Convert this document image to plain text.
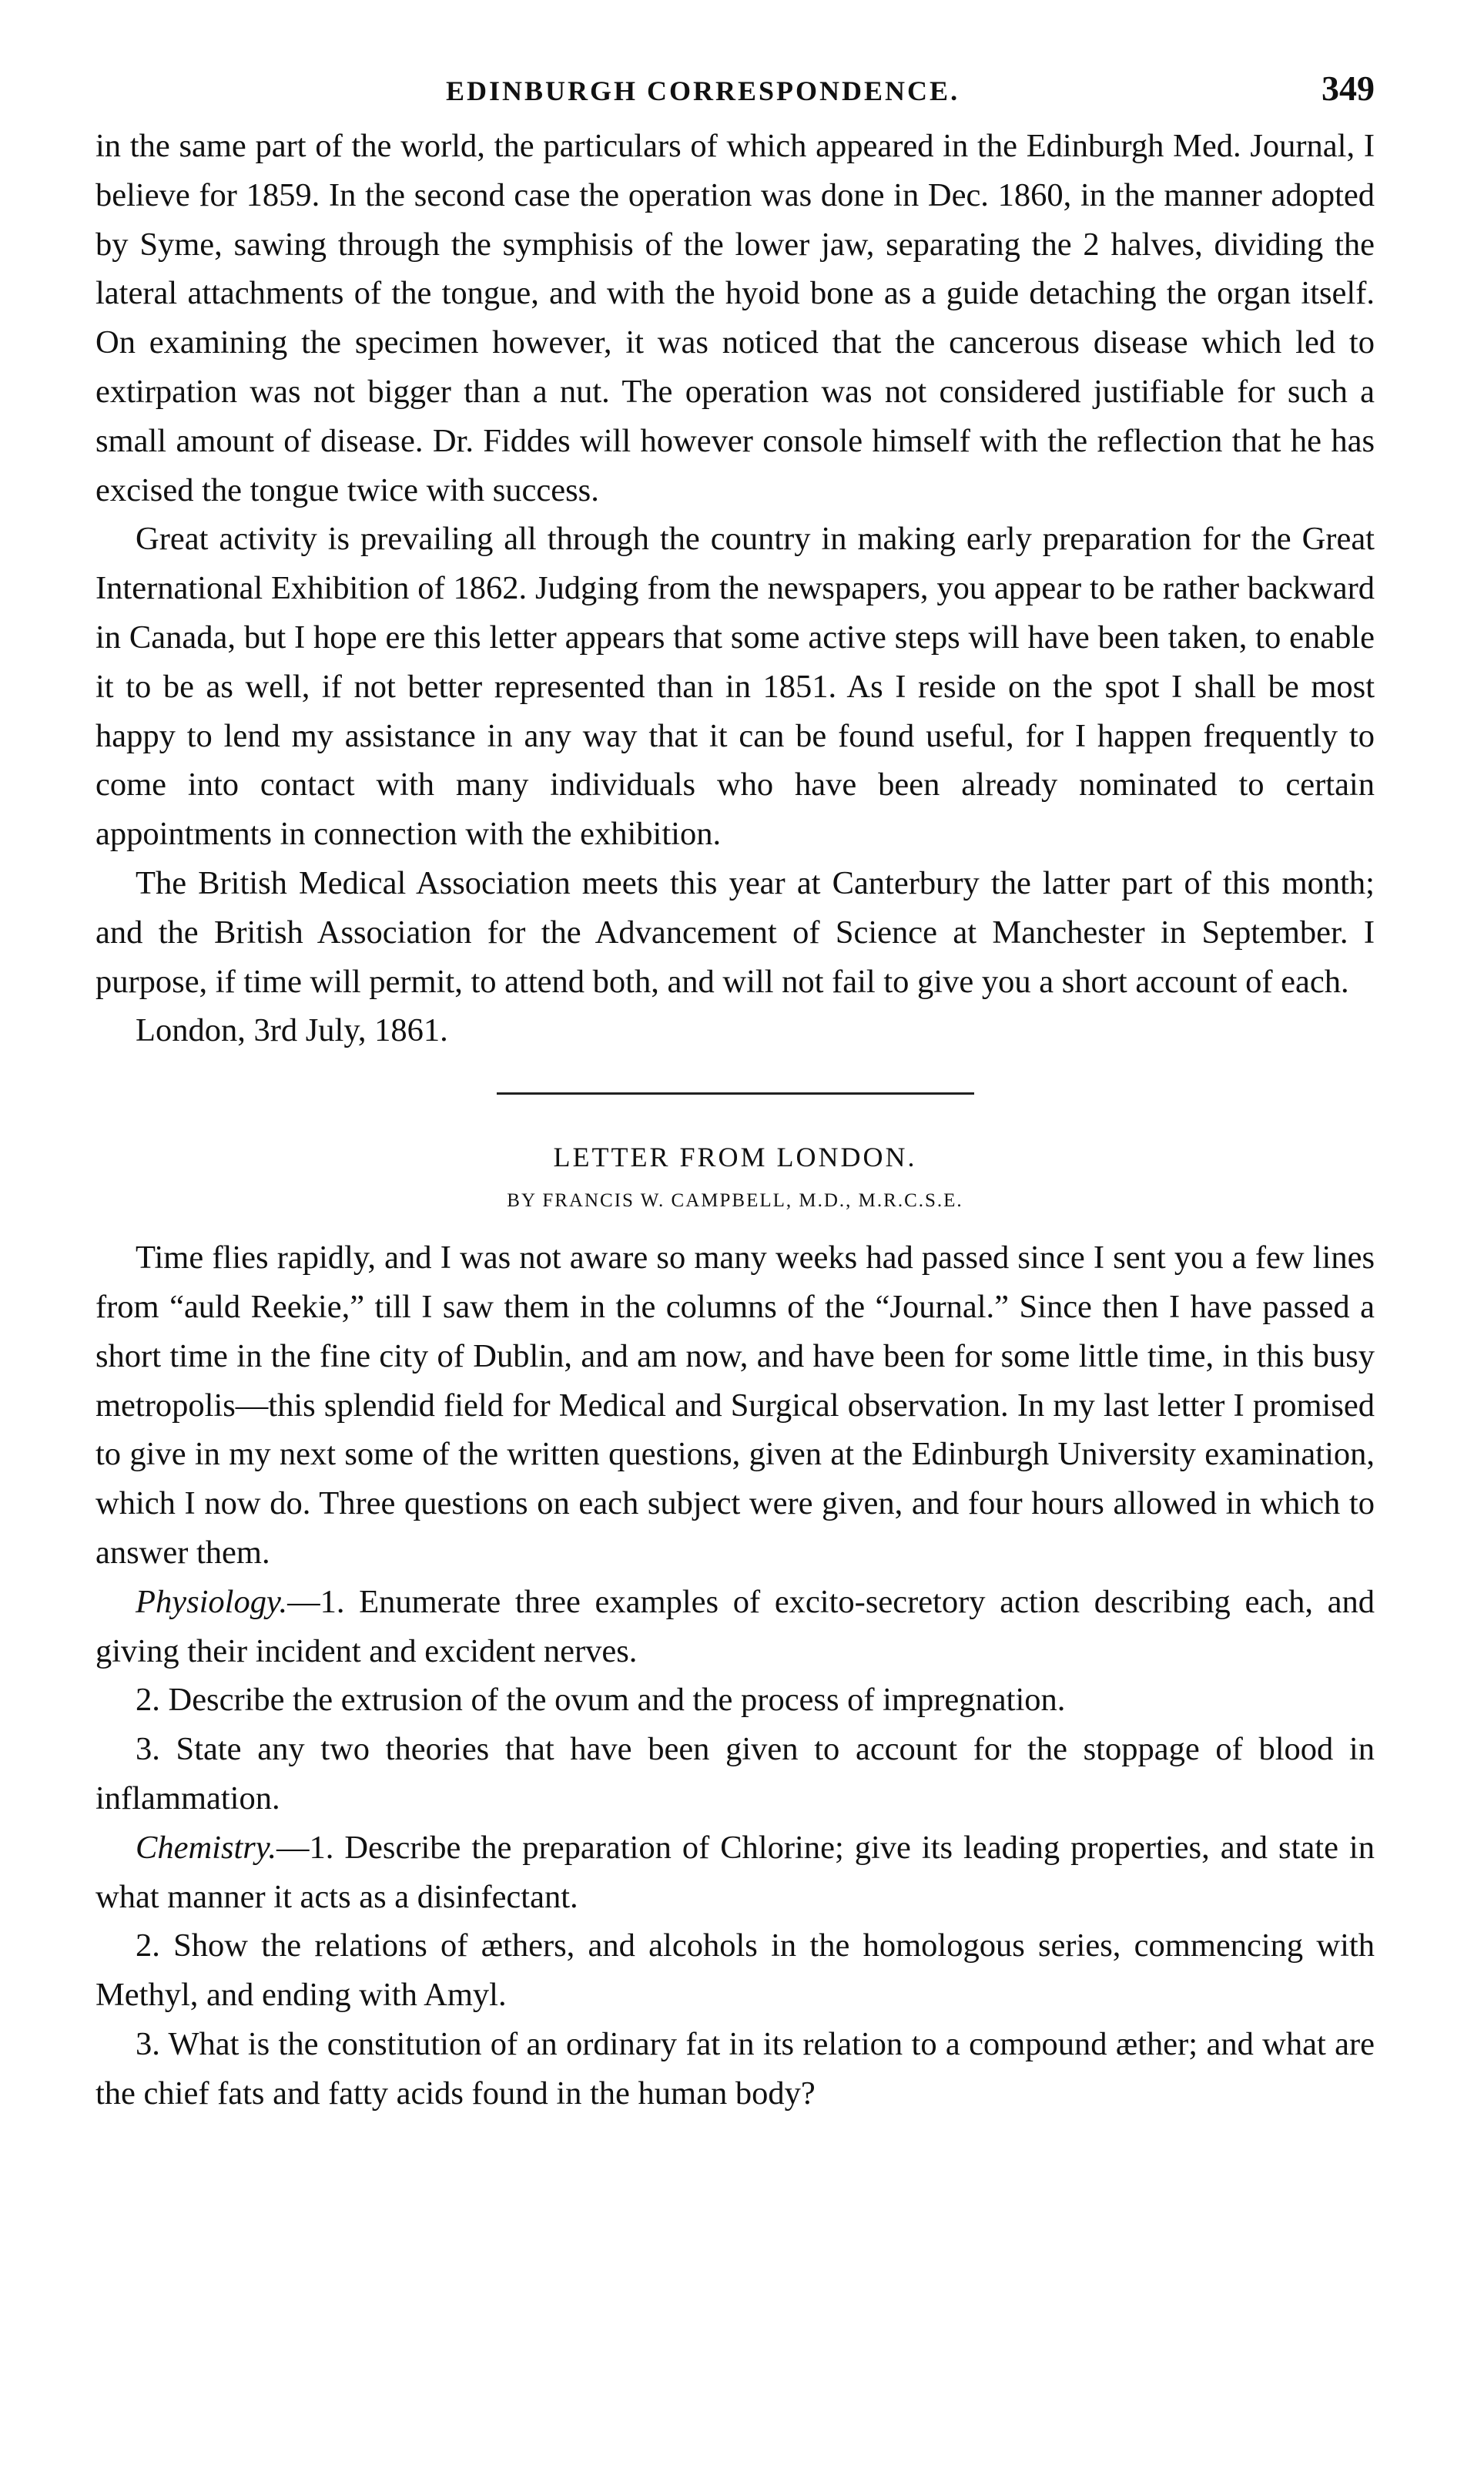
EDINBURGH CORRESPONDENCE.	349

in the same part of the world, the particulars of which appeared in the Edinburgh Med. Journal, I believe for 1859. In the second case the operation was done in Dec. 1860, in the manner adopted by Syme, sawing through the symphisis of the lower jaw, separating the 2 halves, dividing the lateral attachments of the tongue, and with the hyoid bone as a guide detaching the organ itself. On examining the specimen however, it was noticed that the cancerous disease which led to extirpation was not bigger than a nut. The operation was not considered justifiable for such a small amount of disease. Dr. Fiddes will however console himself with the reflection that he has excised the tongue twice with success.

Great activity is prevailing all through the country in making early preparation for the Great International Exhibition of 1862. Judging from the newspapers, you appear to be rather backward in Canada, but I hope ere this letter appears that some active steps will have been taken, to enable it to be as well, if not better represented than in 1851. As I reside on the spot I shall be most happy to lend my assistance in any way that it can be found useful, for I happen frequently to come into contact with many individuals who have been already nominated to certain appointments in connection with the exhibition.

The British Medical Association meets this year at Canterbury the latter part of this month; and the British Association for the Advancement of Science at Manchester in September. I purpose, if time will permit, to attend both, and will not fail to give you a short account of each.

London, 3rd July, 1861.

LETTER FROM LONDON.
BY FRANCIS W. CAMPBELL, M.D., M.R.C.S.E.

Time flies rapidly, and I was not aware so many weeks had passed since I sent you a few lines from “auld Reekie,” till I saw them in the columns of the “Journal.” Since then I have passed a short time in the fine city of Dublin, and am now, and have been for some little time, in this busy metropolis—this splendid field for Medical and Surgical observation. In my last letter I promised to give in my next some of the written questions, given at the Edinburgh University examination, which I now do. Three questions on each subject were given, and four hours allowed in which to answer them.

Physiology.—1. Enumerate three examples of excito-secretory action describing each, and giving their incident and excident nerves.

2. Describe the extrusion of the ovum and the process of impregnation.

3. State any two theories that have been given to account for the stoppage of blood in inflammation.

Chemistry.—1. Describe the preparation of Chlorine; give its leading properties, and state in what manner it acts as a disinfectant.

2. Show the relations of æthers, and alcohols in the homologous series, commencing with Methyl, and ending with Amyl.

3. What is the constitution of an ordinary fat in its relation to a compound æther; and what are the chief fats and fatty acids found in the human body?
